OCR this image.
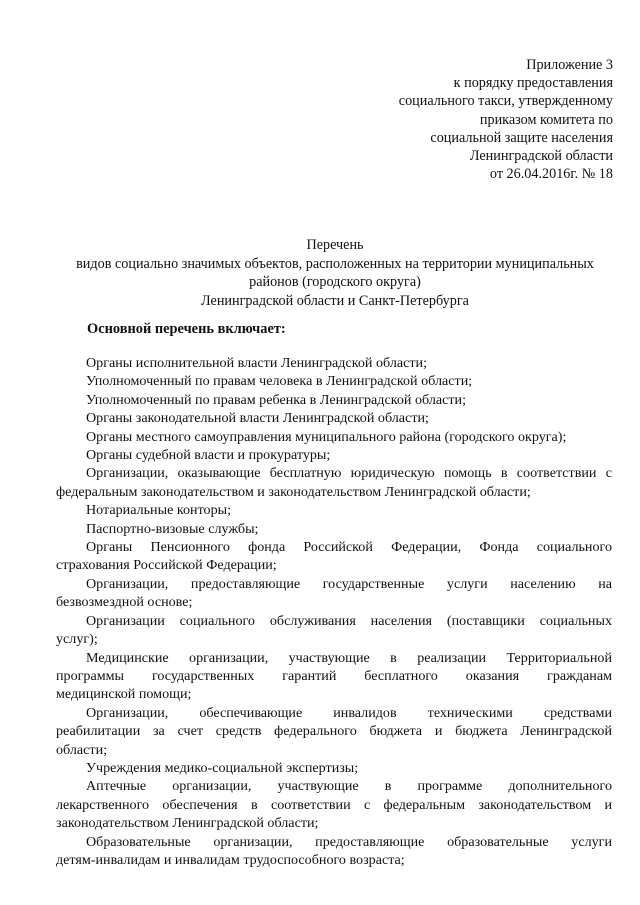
Приложение 3
к порядку предоставления
социального такси, утвержденному
приказом комитета по
социальной защите населения
Ленинградской области
от 26.04.2016г. № 18
Перечень
видов социально значимых объектов, расположенных на территории муниципальных
районов (городского округа)
Ленинградской области и Санкт-Петербурга
Основной перечень включает:
Органы исполнительной власти Ленинградской области;
Уполномоченный по правам человека в Ленинградской области;
Уполномоченный по правам ребенка в Ленинградской области;
Органы законодательной власти Ленинградской области;
Органы местного самоуправления муниципального района (городского округа);
Органы судебной власти и прокуратуры;
Организации, оказывающие бесплатную юридическую помощь в соответствии с
федеральным законодательством и законодательством Ленинградской области;
Нотариальные конторы;
Паспортно-визовые службы;
Органы Пенсионного фонда Российской Федерации, Фонда социального
страхования Российской Федерации;
Организации, предоставляющие государственные услуги населению на
безвозмездной основе;
Организации социального обслуживания населения (поставщики социальных
услуг);
Медицинские организации, участвующие в реализации Территориальной
программы государственных гарантий бесплатного оказания гражданам
медицинской помощи;
Организации, обеспечивающие инвалидов техническими средствами
реабилитации за счет средств федерального бюджета и бюджета Ленинградской
области;
Учреждения медико-социальной экспертизы;
Аптечные организации, участвующие в программе дополнительного
лекарственного обеспечения в соответствии с федеральным законодательством и
законодательством Ленинградской области;
Образовательные организации, предоставляющие образовательные услуги
детям-инвалидам и инвалидам трудоспособного возраста;
